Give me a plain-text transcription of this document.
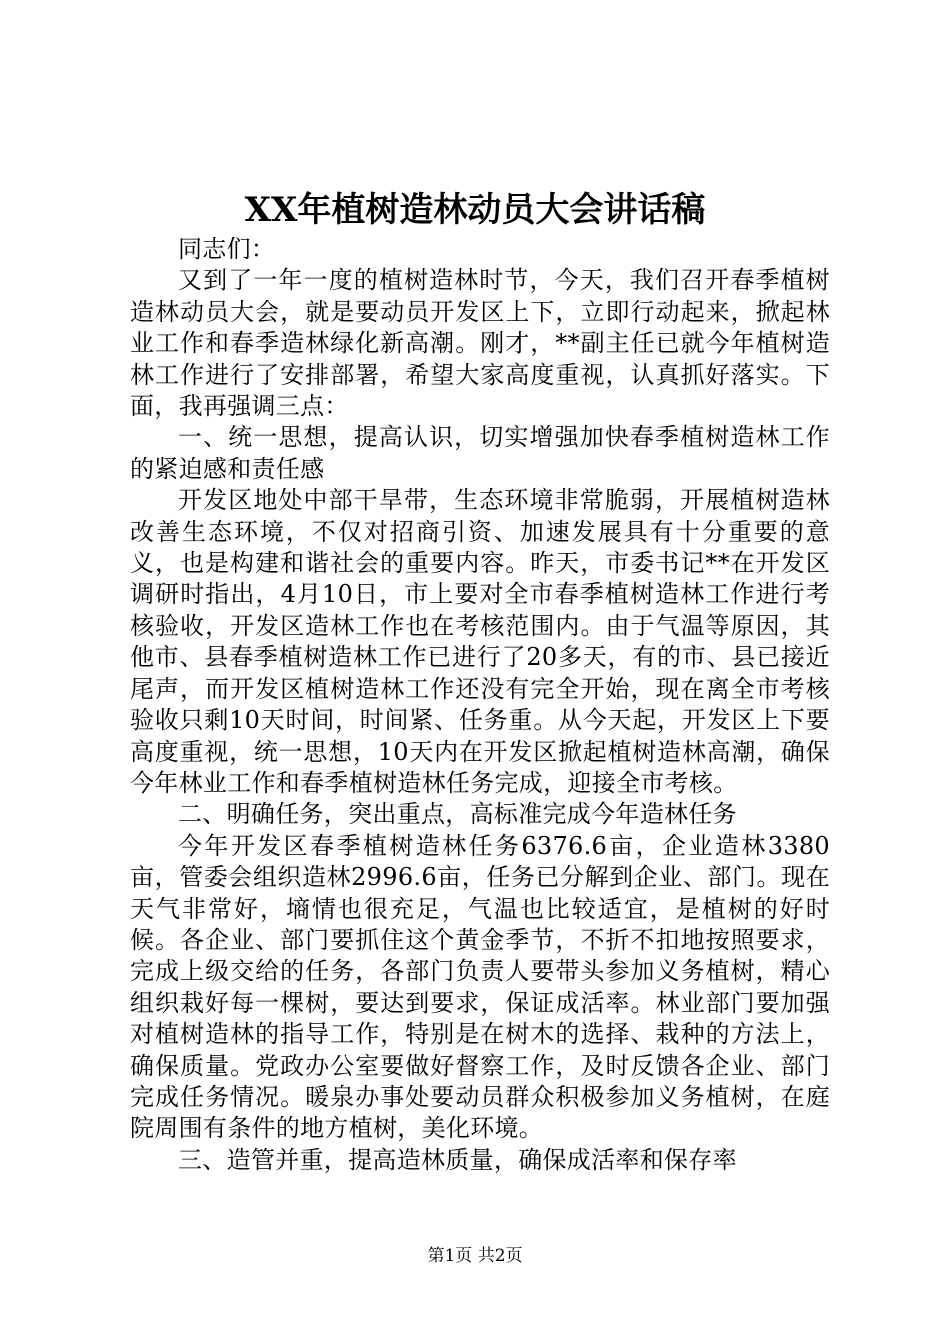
XX年植树造林动员大会讲话稿

同志们：

又到了一年一度的植树造林时节，今天，我们召开春季植树造林动员大会，就是要动员开发区上下，立即行动起来，掀起林业工作和春季造林绿化新高潮。刚才，**副主任已就今年植树造林工作进行了安排部署，希望大家高度重视，认真抓好落实。下面，我再强调三点：

一、统一思想，提高认识，切实增强加快春季植树造林工作的紧迫感和责任感

开发区地处中部干旱带，生态环境非常脆弱，开展植树造林改善生态环境，不仅对招商引资、加速发展具有十分重要的意义，也是构建和谐社会的重要内容。昨天，市委书记**在开发区调研时指出，4月10日，市上要对全市春季植树造林工作进行考核验收，开发区造林工作也在考核范围内。由于气温等原因，其他市、县春季植树造林工作已进行了20多天，有的市、县已接近尾声，而开发区植树造林工作还没有完全开始，现在离全市考核验收只剩10天时间，时间紧、任务重。从今天起，开发区上下要高度重视，统一思想，10天内在开发区掀起植树造林高潮，确保今年林业工作和春季植树造林任务完成，迎接全市考核。

二、明确任务，突出重点，高标准完成今年造林任务

今年开发区春季植树造林任务6376.6亩，企业造林3380亩，管委会组织造林2996.6亩，任务已分解到企业、部门。现在天气非常好，墒情也很充足，气温也比较适宜，是植树的好时候。各企业、部门要抓住这个黄金季节，不折不扣地按照要求，完成上级交给的任务，各部门负责人要带头参加义务植树，精心组织栽好每一棵树，要达到要求，保证成活率。林业部门要加强对植树造林的指导工作，特别是在树木的选择、栽种的方法上，确保质量。党政办公室要做好督察工作，及时反馈各企业、部门完成任务情况。暖泉办事处要动员群众积极参加义务植树，在庭院周围有条件的地方植树，美化环境。

三、造管并重，提高造林质量，确保成活率和保存率

第1页 共2页
